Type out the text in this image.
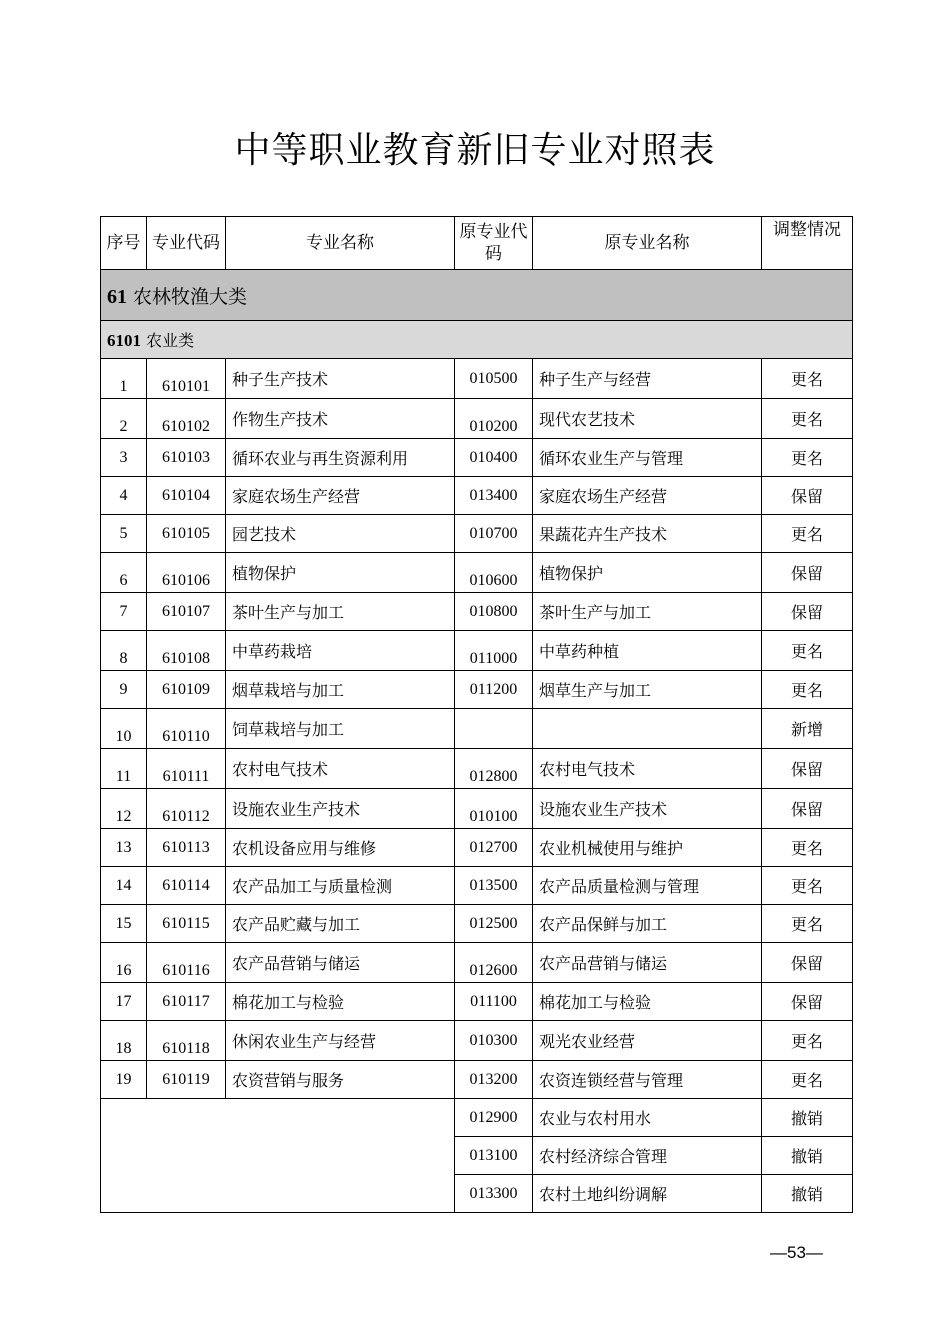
中等职业教育新旧专业对照表
序号	专业代码	专业名称	原专业代码	原专业名称	调整情况
61 农林牧渔大类					
6101 农业类					
1	610101	种子生产技术	010500	种子生产与经营	更名
2	610102	作物生产技术	010200	现代农艺技术	更名
3	610103	循环农业与再生资源利用	010400	循环农业生产与管理	更名
4	610104	家庭农场生产经营	013400	家庭农场生产经营	保留
5	610105	园艺技术	010700	果蔬花卉生产技术	更名
6	610106	植物保护	010600	植物保护	保留
7	610107	茶叶生产与加工	010800	茶叶生产与加工	保留
8	610108	中草药栽培	011000	中草药种植	更名
9	610109	烟草栽培与加工	011200	烟草生产与加工	更名
10	610110	饲草栽培与加工			新增
11	610111	农村电气技术	012800	农村电气技术	保留
12	610112	设施农业生产技术	010100	设施农业生产技术	保留
13	610113	农机设备应用与维修	012700	农业机械使用与维护	更名
14	610114	农产品加工与质量检测	013500	农产品质量检测与管理	更名
15	610115	农产品贮藏与加工	012500	农产品保鲜与加工	更名
16	610116	农产品营销与储运	012600	农产品营销与储运	保留
17	610117	棉花加工与检验	011100	棉花加工与检验	保留
18	610118	休闲农业生产与经营	010300	观光农业经营	更名
19	610119	农资营销与服务	013200	农资连锁经营与管理	更名
			012900	农业与农村用水	撤销
			013100	农村经济综合管理	撤销
			013300	农村土地纠纷调解	撤销
—53—
